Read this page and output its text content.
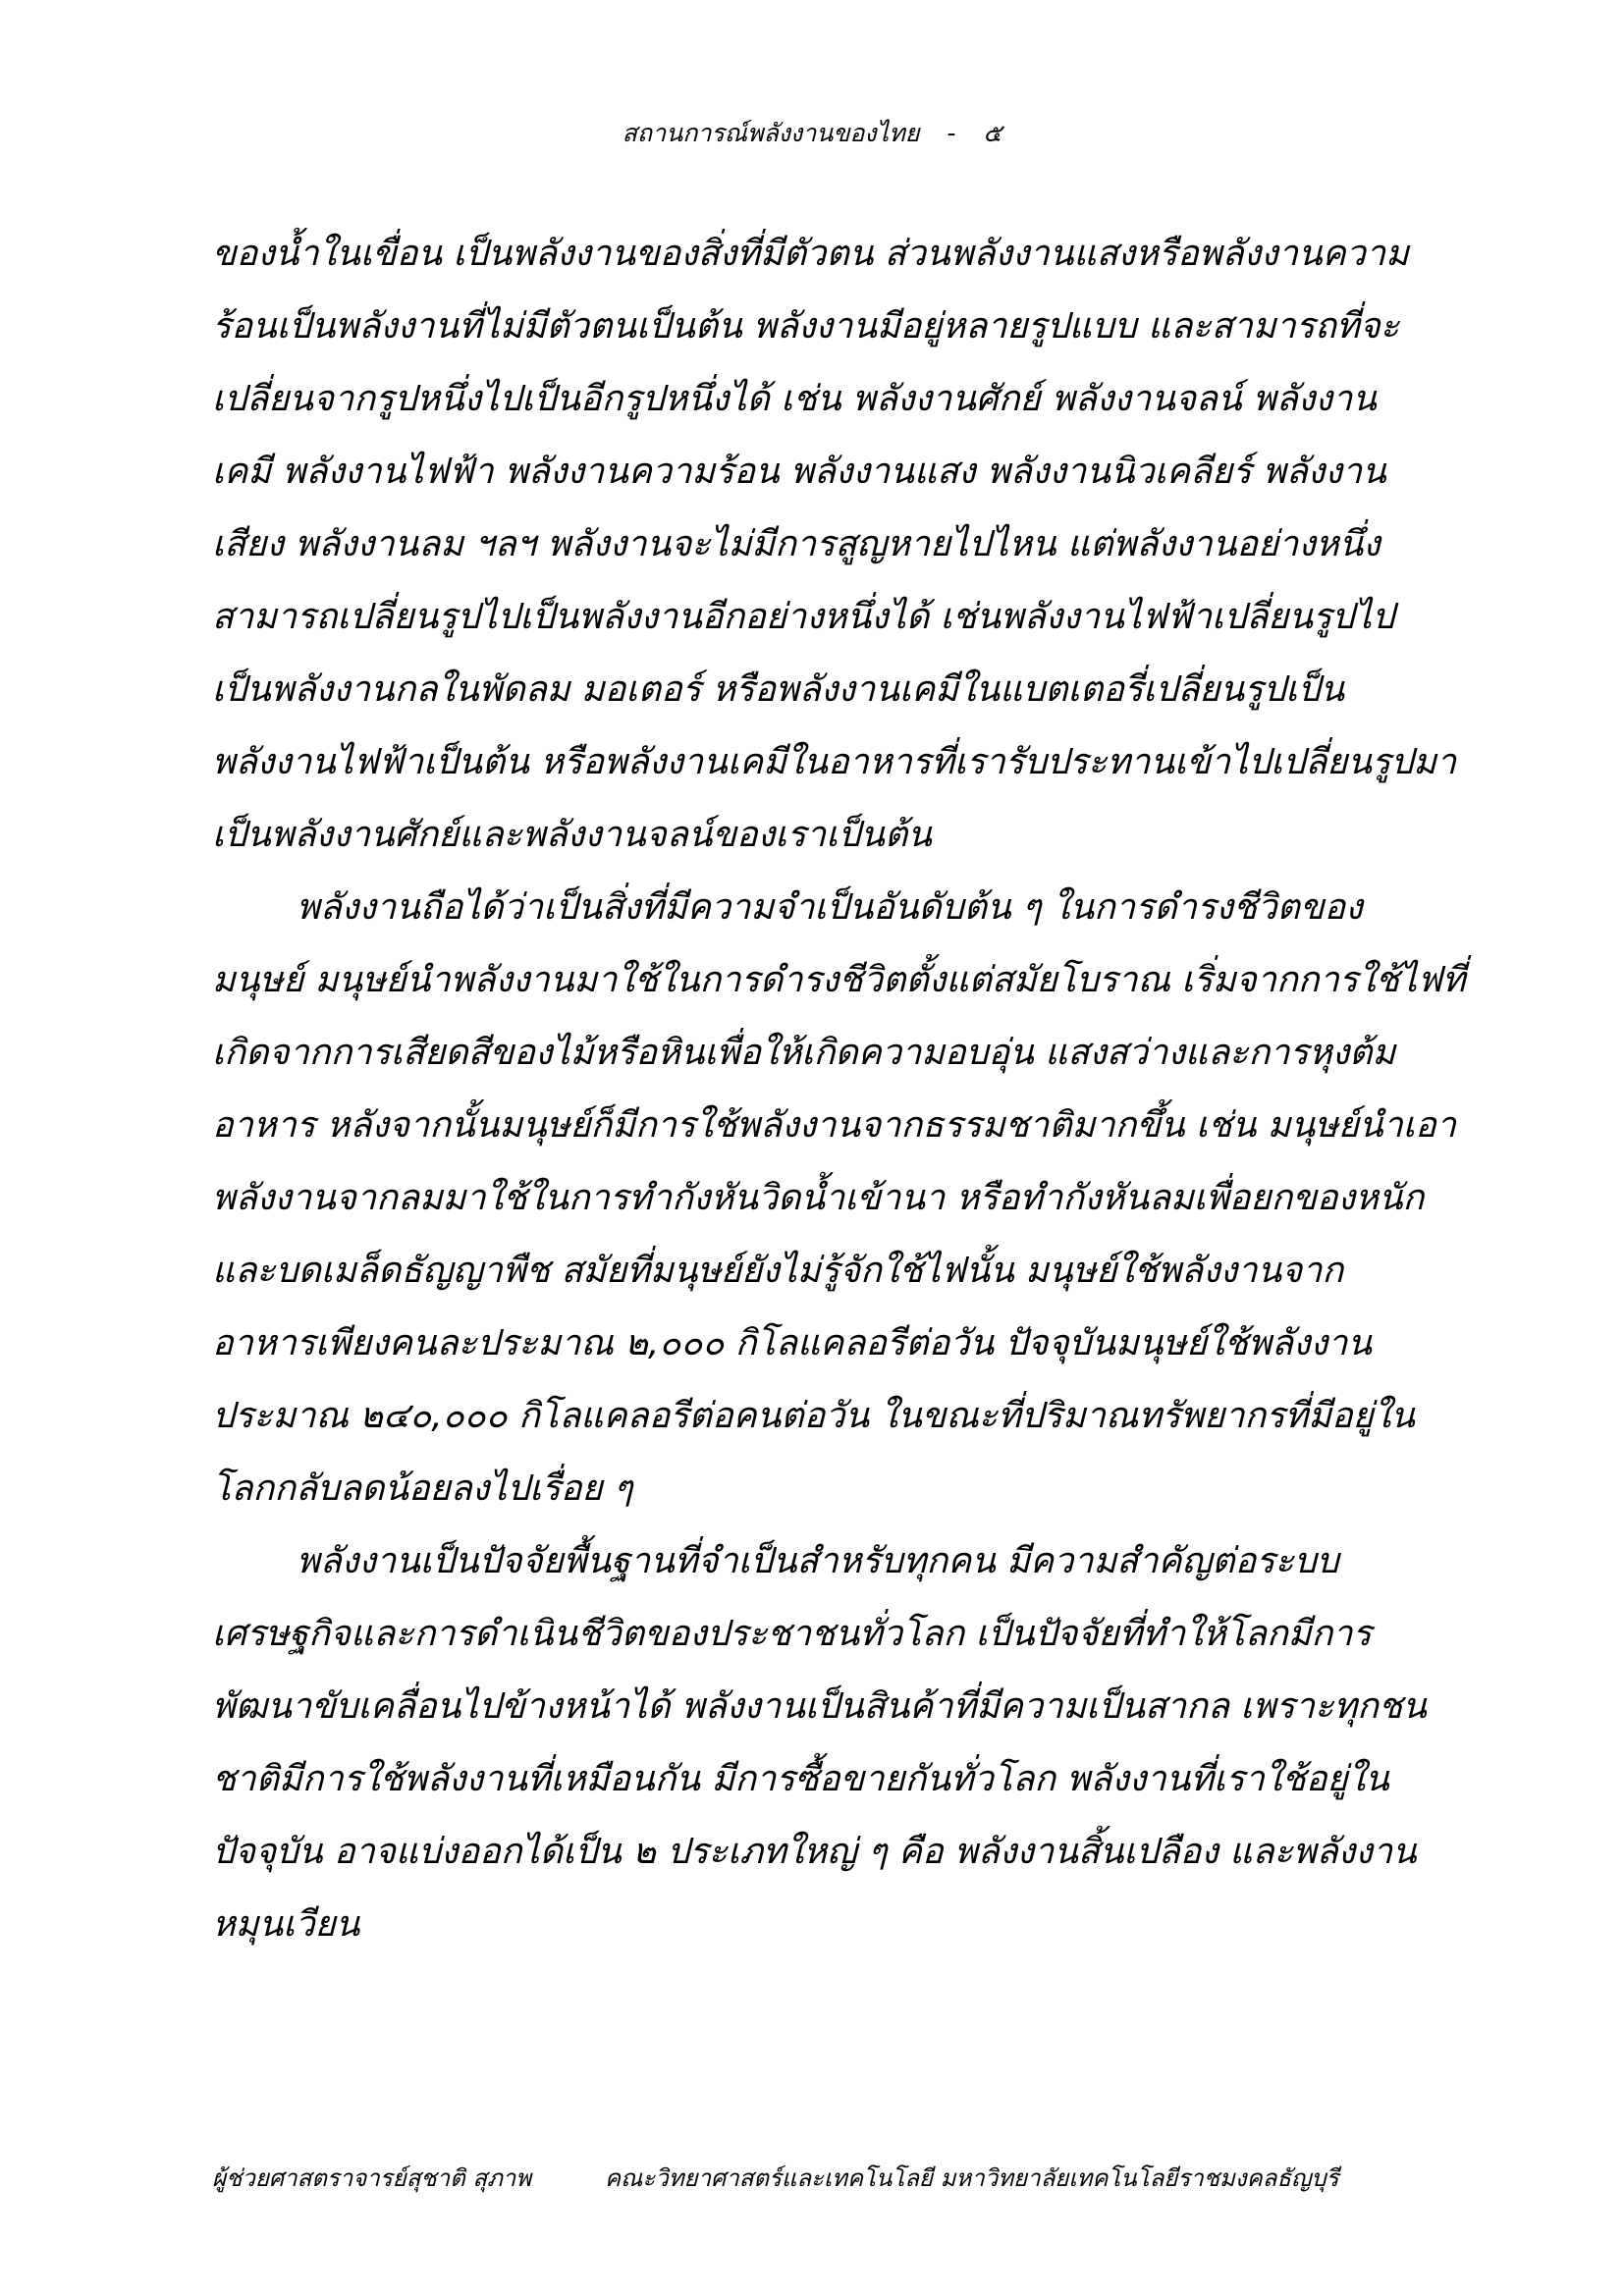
สถานการณ์พลังงานของไทย - ๕
ของน้ำในเขื่อน เป็นพลังงานของสิ่งที่มีตัวตน ส่วนพลังงานแสงหรือพลังงานความ
ร้อนเป็นพลังงานที่ไม่มีตัวตนเป็นต้น พลังงานมีอยู่หลายรูปแบบ และสามารถที่จะ
เปลี่ยนจากรูปหนึ่งไปเป็นอีกรูปหนึ่งได้ เช่น พลังงานศักย์ พลังงานจลน์ พลังงาน
เคมี พลังงานไฟฟ้า พลังงานความร้อน พลังงานแสง พลังงานนิวเคลียร์ พลังงาน
เสียง พลังงานลม ฯลฯ พลังงานจะไม่มีการสูญหายไปไหน แต่พลังงานอย่างหนึ่ง
สามารถเปลี่ยนรูปไปเป็นพลังงานอีกอย่างหนึ่งได้ เช่นพลังงานไฟฟ้าเปลี่ยนรูปไป
เป็นพลังงานกลในพัดลม มอเตอร์ หรือพลังงานเคมีในแบตเตอรี่เปลี่ยนรูปเป็น
พลังงานไฟฟ้าเป็นต้น หรือพลังงานเคมีในอาหารที่เรารับประทานเข้าไปเปลี่ยนรูปมา
เป็นพลังงานศักย์และพลังงานจลน์ของเราเป็นต้น
พลังงานถือได้ว่าเป็นสิ่งที่มีความจำเป็นอันดับต้น ๆ ในการดำรงชีวิตของ
มนุษย์ มนุษย์นำพลังงานมาใช้ในการดำรงชีวิตตั้งแต่สมัยโบราณ เริ่มจากการใช้ไฟที่
เกิดจากการเสียดสีของไม้หรือหินเพื่อให้เกิดความอบอุ่น แสงสว่างและการหุงต้ม
อาหาร หลังจากนั้นมนุษย์ก็มีการใช้พลังงานจากธรรมชาติมากขึ้น เช่น มนุษย์นำเอา
พลังงานจากลมมาใช้ในการทำกังหันวิดน้ำเข้านา หรือทำกังหันลมเพื่อยกของหนัก
และบดเมล็ดธัญญาพืช สมัยที่มนุษย์ยังไม่รู้จักใช้ไฟนั้น มนุษย์ใช้พลังงานจาก
อาหารเพียงคนละประมาณ ๒,๐๐๐ กิโลแคลอรีต่อวัน ปัจจุบันมนุษย์ใช้พลังงาน
ประมาณ ๒๔๐,๐๐๐ กิโลแคลอรีต่อคนต่อวัน ในขณะที่ปริมาณทรัพยากรที่มีอยู่ใน
โลกกลับลดน้อยลงไปเรื่อย ๆ
พลังงานเป็นปัจจัยพื้นฐานที่จำเป็นสำหรับทุกคน มีความสำคัญต่อระบบ
เศรษฐกิจและการดำเนินชีวิตของประชาชนทั่วโลก เป็นปัจจัยที่ทำให้โลกมีการ
พัฒนาขับเคลื่อนไปข้างหน้าได้ พลังงานเป็นสินค้าที่มีความเป็นสากล เพราะทุกชน
ชาติมีการใช้พลังงานที่เหมือนกัน มีการซื้อขายกันทั่วโลก พลังงานที่เราใช้อยู่ใน
ปัจจุบัน อาจแบ่งออกได้เป็น ๒ ประเภทใหญ่ ๆ คือ พลังงานสิ้นเปลือง และพลังงาน
หมุนเวียน
ผู้ช่วยศาสตราจารย์สุชาติ สุภาพ	คณะวิทยาศาสตร์และเทคโนโลยี มหาวิทยาลัยเทคโนโลยีราชมงคลธัญบุรี
